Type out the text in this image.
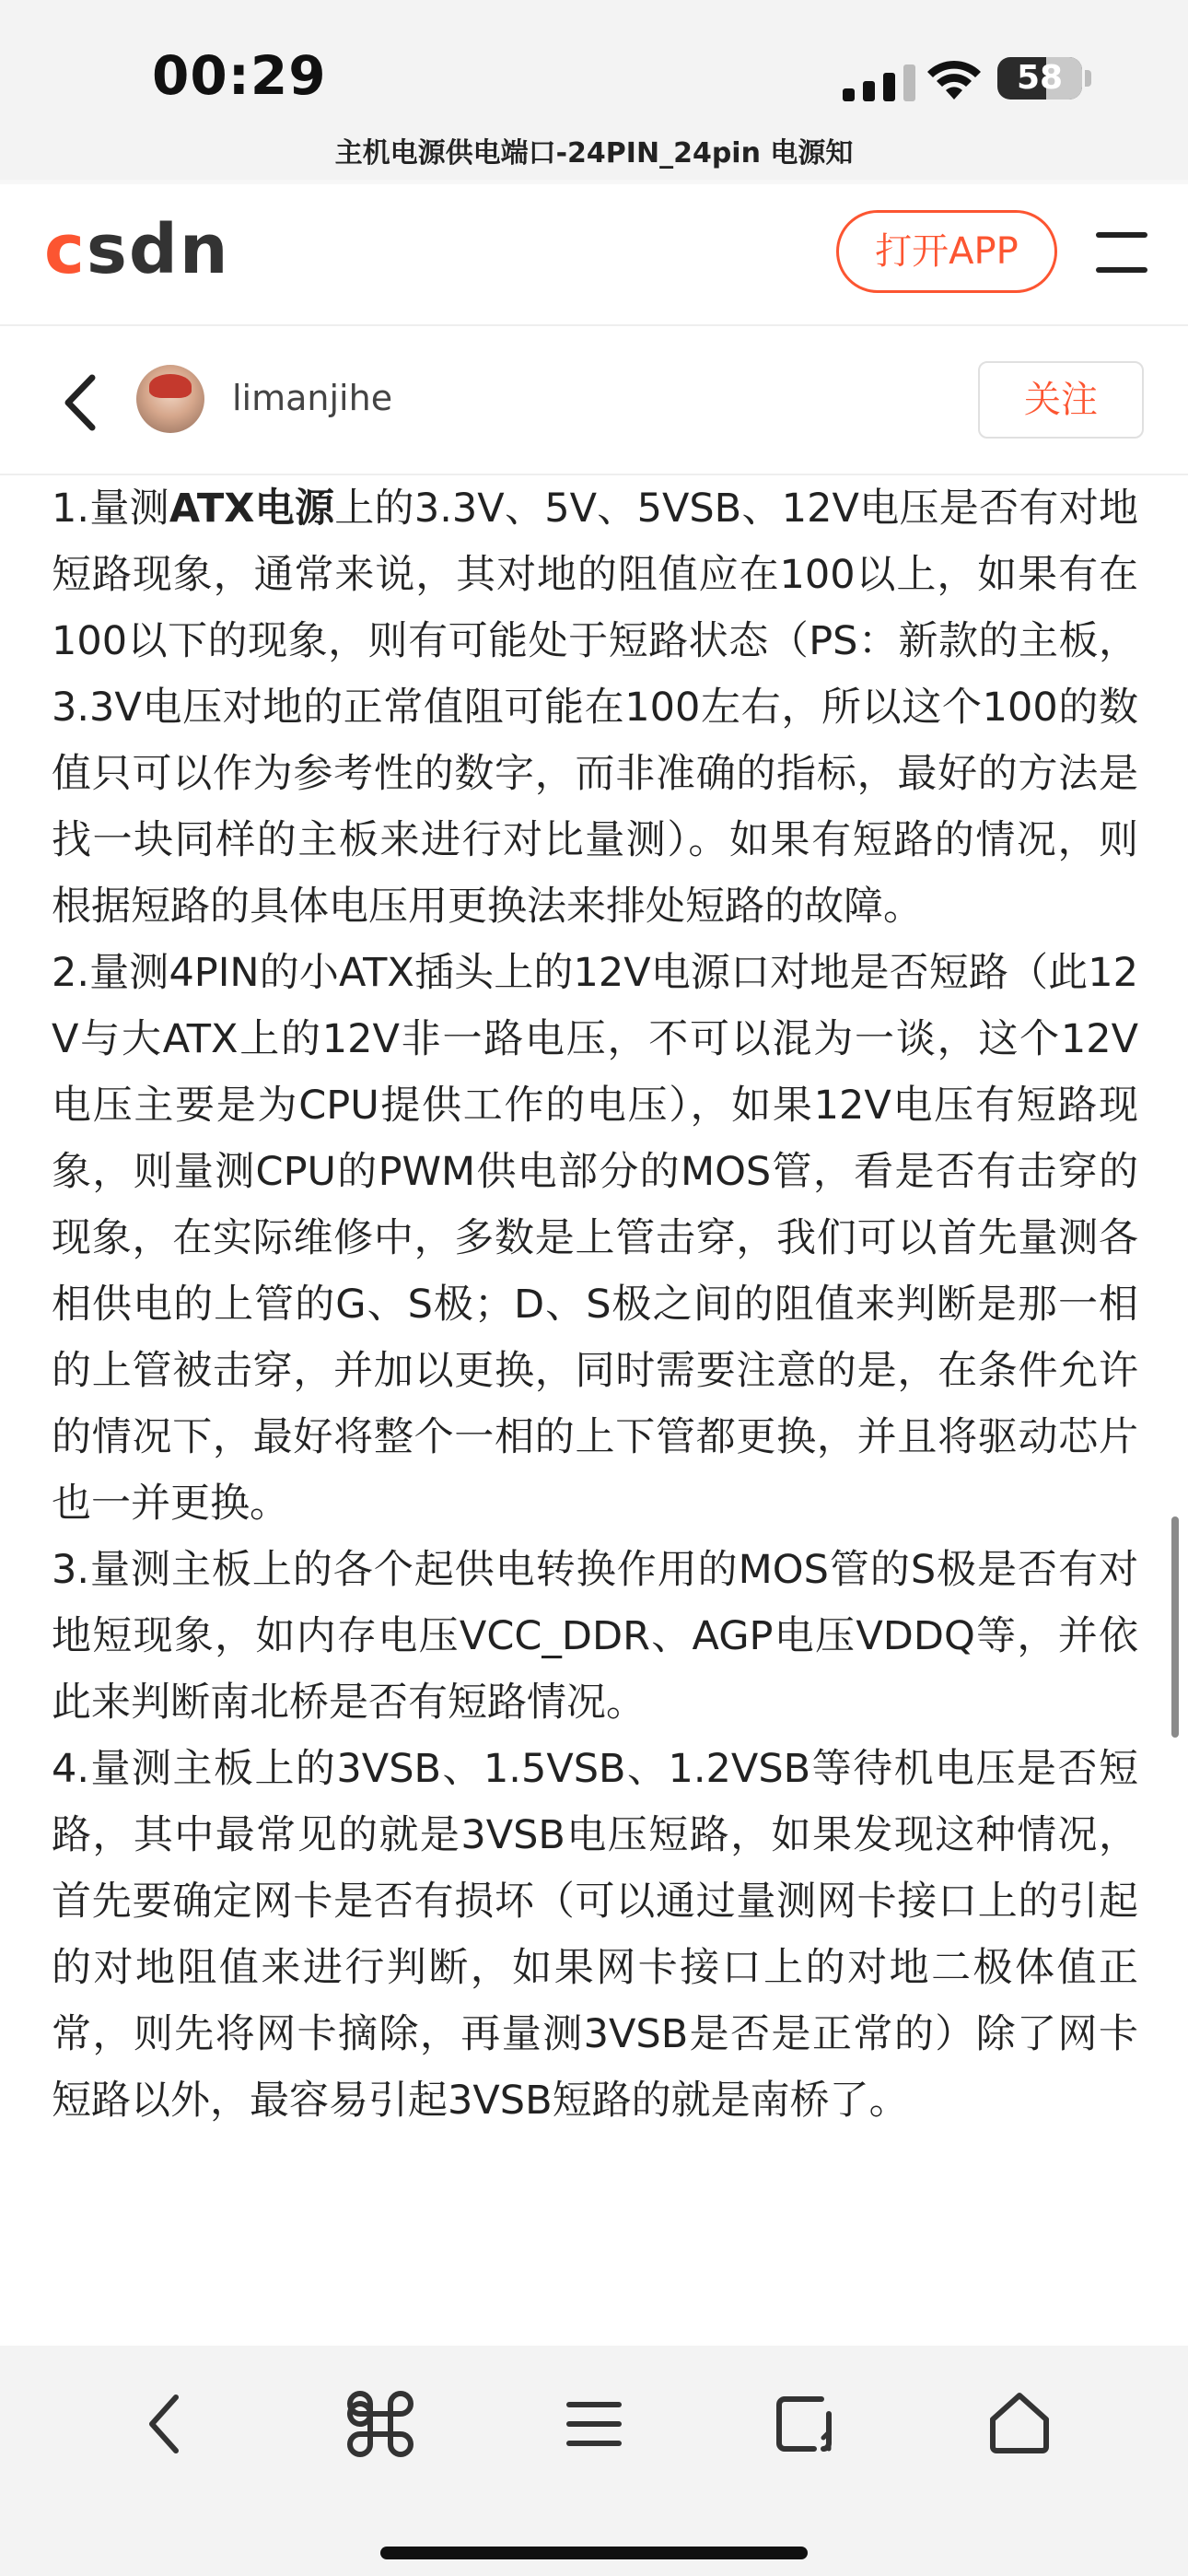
00:29	58
主机电源供电端口-24PIN_24pin 电源知
csdn	打开APP
limanjihe	关注

1.量测ATX电源上的3.3V、5V、5VSB、12V电压是否有对地短路现象，通常来说，其对地的阻值应在100以上，如果有在100以下的现象，则有可能处于短路状态（PS：新款的主板，3.3V电压对地的正常值阻可能在100左右，所以这个100的数值只可以作为参考性的数字，而非准确的指标，最好的方法是找一块同样的主板来进行对比量测）。如果有短路的情况，则根据短路的具体电压用更换法来排处短路的故障。

2.量测4PIN的小ATX插头上的12V电源口对地是否短路（此12V与大ATX上的12V非一路电压，不可以混为一谈，这个12V电压主要是为CPU提供工作的电压），如果12V电压有短路现象，则量测CPU的PWM供电部分的MOS管，看是否有击穿的现象，在实际维修中，多数是上管击穿，我们可以首先量测各相供电的上管的G、S极；D、S极之间的阻值来判断是那一相的上管被击穿，并加以更换，同时需要注意的是，在条件允许的情况下，最好将整个一相的上下管都更换，并且将驱动芯片也一并更换。

3.量测主板上的各个起供电转换作用的MOS管的S极是否有对地短现象，如内存电压VCC_DDR、AGP电压VDDQ等，并依此来判断南北桥是否有短路情况。

4.量测主板上的3VSB、1.5VSB、1.2VSB等待机电压是否短路，其中最常见的就是3VSB电压短路，如果发现这种情况，首先要确定网卡是否有损坏（可以通过量测网卡接口上的引起的对地阻值来进行判断，如果网卡接口上的对地二极体值正常，则先将网卡摘除，再量测3VSB是否是正常的）除了网卡短路以外，最容易引起3VSB短路的就是南桥了。
